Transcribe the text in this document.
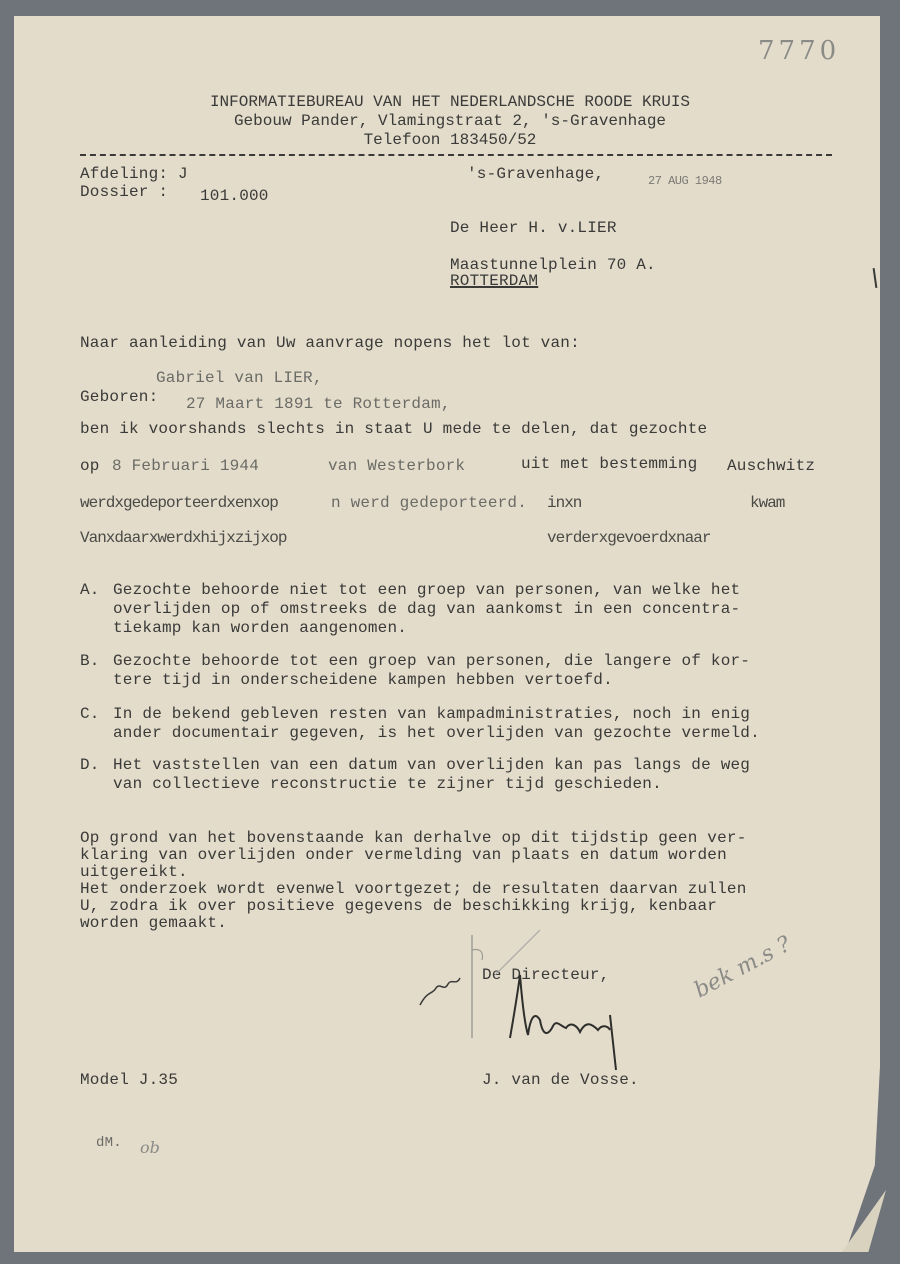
7770
INFORMATIEBUREAU VAN HET NEDERLANDSCHE ROODE KRUIS
Gebouw Pander, Vlamingstraat 2, 's-Gravenhage
Telefoon 183450/52
Afdeling: J
Dossier : 101.000
's-Gravenhage,	27 AUG 1948
De Heer H. v.LIER
Maastunnelplein 70 A.
ROTTERDAM
Naar aanleiding van Uw aanvrage nopens het lot van:
Gabriel van LIER,
Geboren: 27 Maart 1891 te Rotterdam,
ben ik voorshands slechts in staat U mede te delen, dat gezochte
op 8 Februari 1944	van Westerbork	uit met bestemming Auschwitz
werdxgedeporteerdxenxop	n werd gedeporteerd. inxn	kwam
Vanxdaarxwerdxhijxzijxop	verderxgevoerdxnaar
A. Gezochte behoorde niet tot een groep van personen, van welke het
overlijden op of omstreeks de dag van aankomst in een concentra-
tiekamp kan worden aangenomen.
B. Gezochte behoorde tot een groep van personen, die langere of kor-
tere tijd in onderscheidene kampen hebben vertoefd.
C. In de bekend gebleven resten van kampadministraties, noch in enig
ander documentair gegeven, is het overlijden van gezochte vermeld.
D. Het vaststellen van een datum van overlijden kan pas langs de weg
van collectieve reconstructie te zijner tijd geschieden.
Op grond van het bovenstaande kan derhalve op dit tijdstip geen ver-
klaring van overlijden onder vermelding van plaats en datum worden
uitgereikt.
Het onderzoek wordt evenwel voortgezet; de resultaten daarvan zullen
U, zodra ik over positieve gegevens de beschikking krijg, kenbaar
worden gemaakt.
De Directeur,
J. van de Vosse.
bek m.s ?
Model J.35
dM. ob
